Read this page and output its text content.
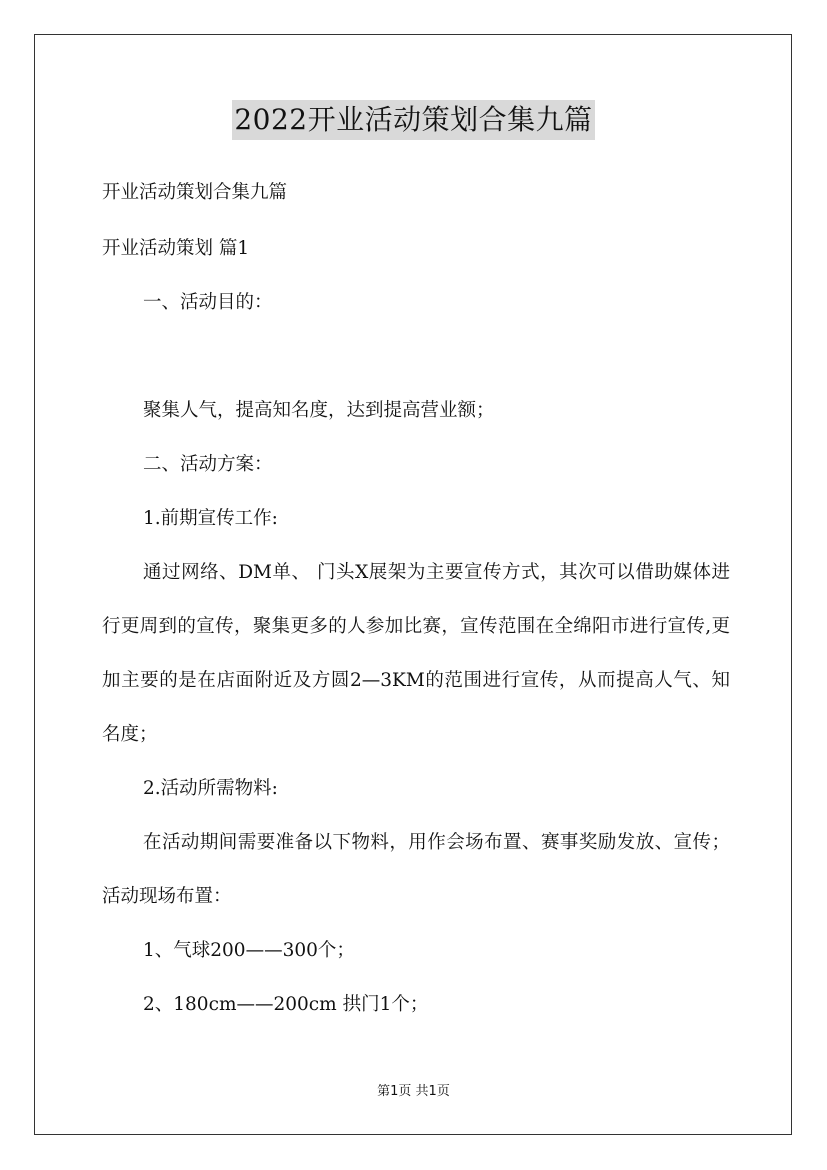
2022开业活动策划合集九篇

开业活动策划合集九篇

开业活动策划 篇1

一、活动目的：

聚集人气，提高知名度，达到提高营业额；

二、活动方案：

1.前期宣传工作:

通过网络、DM单、 门头X展架为主要宣传方式，其次可以借助媒体进行更周到的宣传，聚集更多的人参加比赛，宣传范围在全绵阳市进行宣传,更加主要的是在店面附近及方圆2—3KM的范围进行宣传，从而提高人气、知名度；

2.活动所需物料:

在活动期间需要准备以下物料，用作会场布置、赛事奖励发放、宣传； 活动现场布置：

1、气球200——300个；

2、180cm——200cm 拱门1个；

第1页 共1页
